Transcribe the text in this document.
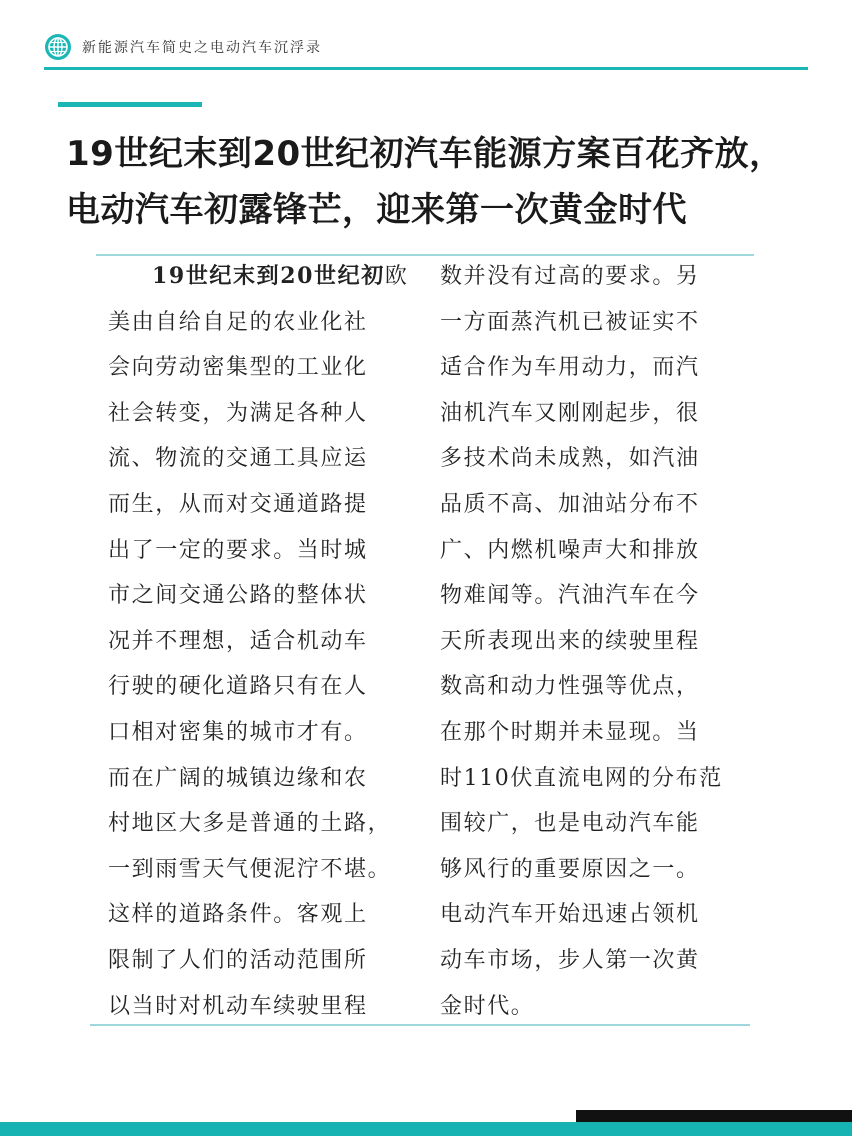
新能源汽车简史之电动汽车沉浮录
19世纪末到20世纪初汽车能源方案百花齐放，
电动汽车初露锋芒，迎来第一次黄金时代
19世纪末到20世纪初欧
美由自给自足的农业化社
会向劳动密集型的工业化
社会转变，为满足各种人
流、物流的交通工具应运
而生，从而对交通道路提
出了一定的要求。当时城
市之间交通公路的整体状
况并不理想，适合机动车
行驶的硬化道路只有在人
口相对密集的城市才有。
而在广阔的城镇边缘和农
村地区大多是普通的土路，
一到雨雪天气便泥泞不堪。
这样的道路条件。客观上
限制了人们的活动范围所
以当时对机动车续驶里程
数并没有过高的要求。另
一方面蒸汽机已被证实不
适合作为车用动力，而汽
油机汽车又刚刚起步，很
多技术尚未成熟，如汽油
品质不高、加油站分布不
广、内燃机噪声大和排放
物难闻等。汽油汽车在今
天所表现出来的续驶里程
数高和动力性强等优点，
在那个时期并未显现。当
时110伏直流电网的分布范
围较广，也是电动汽车能
够风行的重要原因之一。
电动汽车开始迅速占领机
动车市场，步人第一次黄
金时代。
